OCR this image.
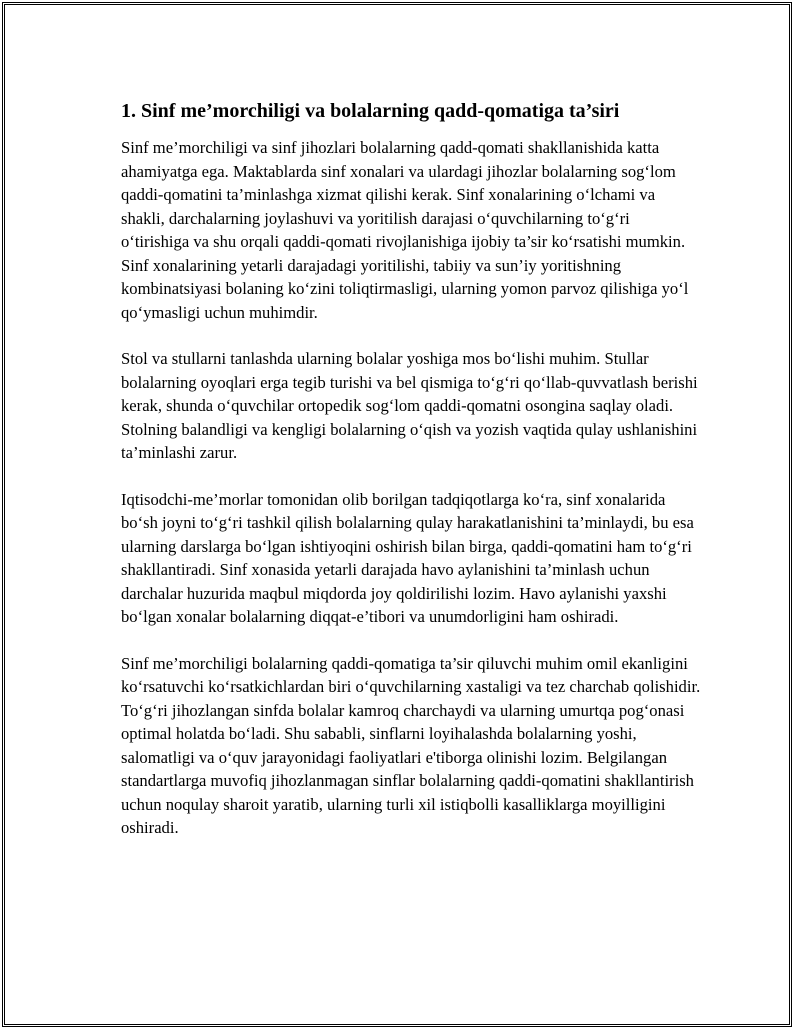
1. Sinf me’morchiligi va bolalarning qadd-qomatiga ta’siri

Sinf me’morchiligi va sinf jihozlari bolalarning qadd-qomati shakllanishida katta ahamiyatga ega. Maktablarda sinf xonalari va ulardagi jihozlar bolalarning sog‘lom qaddi-qomatini ta’minlashga xizmat qilishi kerak. Sinf xonalarining o‘lchami va shakli, darchalarning joylashuvi va yoritilish darajasi o‘quvchilarning to‘g‘ri o‘tirishiga va shu orqali qaddi-qomati rivojlanishiga ijobiy ta’sir ko‘rsatishi mumkin. Sinf xonalarining yetarli darajadagi yoritilishi, tabiiy va sun’iy yoritishning kombinatsiyasi bolaning ko‘zini toliqtirmasligi, ularning yomon parvoz qilishiga yo‘l qo‘ymasligi uchun muhimdir.

Stol va stullarni tanlashda ularning bolalar yoshiga mos bo‘lishi muhim. Stullar bolalarning oyoqlari erga tegib turishi va bel qismiga to‘g‘ri qo‘llab-quvvatlash berishi kerak, shunda o‘quvchilar ortopedik sog‘lom qaddi-qomatni osongina saqlay oladi. Stolning balandligi va kengligi bolalarning o‘qish va yozish vaqtida qulay ushlanishini ta’minlashi zarur.

Iqtisodchi-me’morlar tomonidan olib borilgan tadqiqotlarga ko‘ra, sinf xonalarida bo‘sh joyni to‘g‘ri tashkil qilish bolalarning qulay harakatlanishini ta’minlaydi, bu esa ularning darslarga bo‘lgan ishtiyoqini oshirish bilan birga, qaddi-qomatini ham to‘g‘ri shakllantiradi. Sinf xonasida yetarli darajada havo aylanishini ta’minlash uchun darchalar huzurida maqbul miqdorda joy qoldirilishi lozim. Havo aylanishi yaxshi bo‘lgan xonalar bolalarning diqqat-e’tibori va unumdorligini ham oshiradi.

Sinf me’morchiligi bolalarning qaddi-qomatiga ta’sir qiluvchi muhim omil ekanligini ko‘rsatuvchi ko‘rsatkichlardan biri o‘quvchilarning xastaligi va tez charchab qolishidir. To‘g‘ri jihozlangan sinfda bolalar kamroq charchaydi va ularning umurtqa pog‘onasi optimal holatda bo‘ladi. Shu sababli, sinflarni loyihalashda bolalarning yoshi, salomatligi va o‘quv jarayonidagi faoliyatlari e'tiborga olinishi lozim. Belgilangan standartlarga muvofiq jihozlanmagan sinflar bolalarning qaddi-qomatini shakllantirish uchun noqulay sharoit yaratib, ularning turli xil istiqbolli kasalliklarga moyilligini oshiradi.
